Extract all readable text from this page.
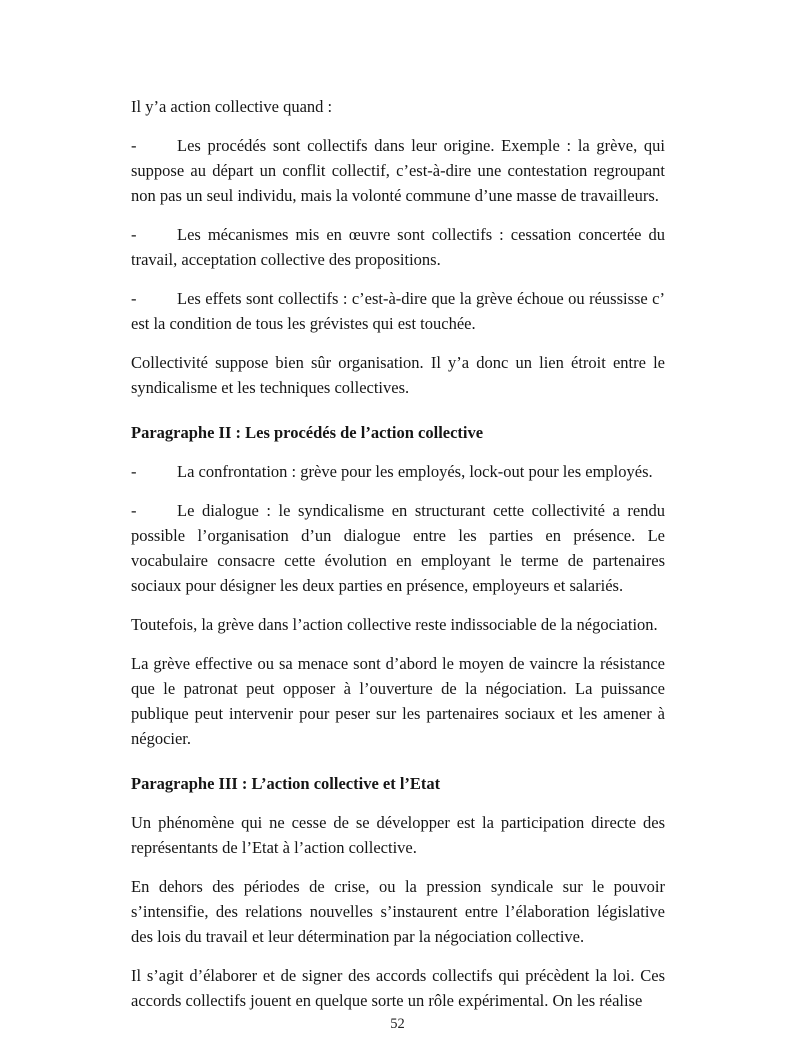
Il y’a action collective quand :

- Les procédés sont collectifs dans leur origine. Exemple : la grève, qui suppose au départ un conflit collectif, c’est-à-dire une contestation regroupant non pas un seul individu, mais la volonté commune d’une masse de travailleurs.

- Les mécanismes mis en œuvre sont collectifs : cessation concertée du travail, acceptation collective des propositions.

- Les effets sont collectifs : c’est-à-dire que la grève échoue ou réussisse c’ est la condition de tous les grévistes qui est touchée.

Collectivité suppose bien sûr organisation. Il y’a donc un lien étroit entre le syndicalisme et les techniques collectives.

Paragraphe II : Les procédés de l’action collective

- La confrontation : grève pour les employés, lock-out pour les employés.

- Le dialogue : le syndicalisme en structurant cette collectivité a rendu possible l’organisation d’un dialogue entre les parties en présence. Le vocabulaire consacre cette évolution en employant le terme de partenaires sociaux pour désigner les deux parties en présence, employeurs et salariés.

Toutefois, la grève dans l’action collective reste indissociable de la négociation.

La grève effective ou sa menace sont d’abord le moyen de vaincre la résistance que le patronat peut opposer à l’ouverture de la négociation. La puissance publique peut intervenir pour peser sur les partenaires sociaux et les amener à négocier.

Paragraphe III : L’action collective et l’Etat

Un phénomène qui ne cesse de se développer est la participation directe des représentants de l’Etat à l’action collective.

En dehors des périodes de crise, ou la pression syndicale sur le pouvoir s’intensifie, des relations nouvelles s’instaurent entre l’élaboration législative des lois du travail et leur détermination par la négociation collective.

Il s’agit d’élaborer et de signer des accords collectifs qui précèdent la loi. Ces accords collectifs jouent en quelque sorte un rôle expérimental. On les réalise

52
